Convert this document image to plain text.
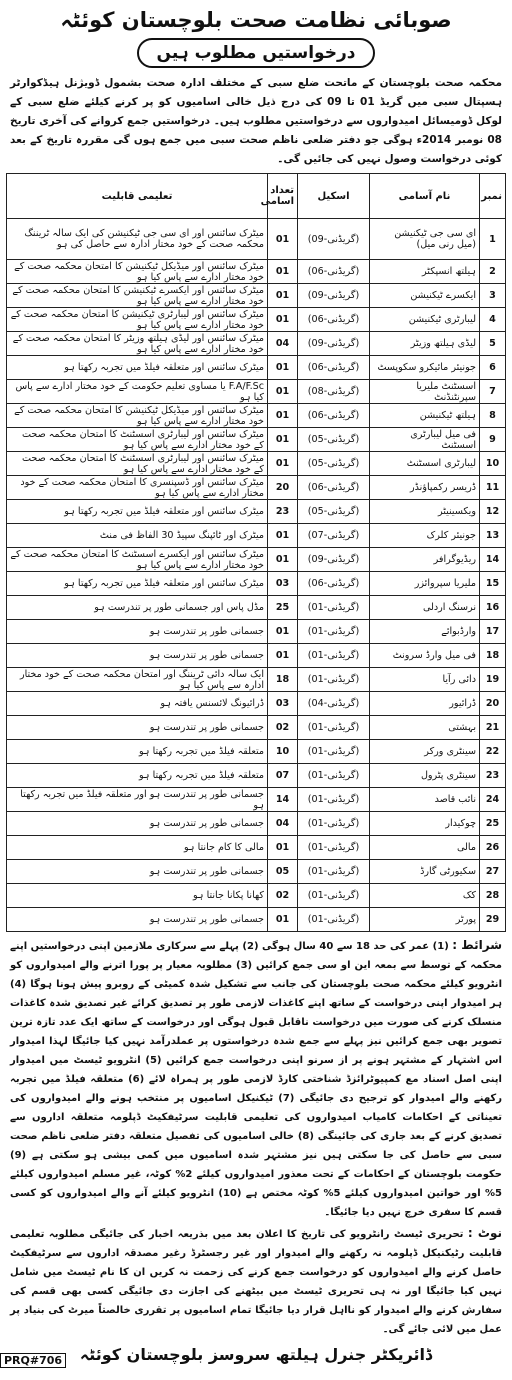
صوبائی نظامت صحت بلوچستان کوئٹہ
درخواستیں مطلوب ہیں
محکمہ صحت بلوچستان کے ماتحت ضلع سبی کے مختلف ادارہ صحت بشمول ڈویژنل ہیڈکوارٹر ہسپتال سبی میں گریڈ 01 تا 09 کی درج ذیل خالی اسامیوں کو پر کرنے کیلئے ضلع سبی کے لوکل ڈومیسائل امیدواروں سے درخواستیں مطلوب ہیں۔ درخواستیں جمع کروانے کی آخری تاریخ 08 نومبر 2014ء ہوگی جو دفتر ضلعی ناظم صحت سبی میں جمع ہوں گی مقررہ تاریخ کے بعد کوئی درخواست وصول نہیں کی جائیں گی۔
نمبر	نام آسامی	اسکیل	تعداد اسامی	تعلیمی قابلیت
1	ای سی جی ٹیکنیشن (میل رنی میل)	(گریڈنی-09)	01	میٹرک سائنس اور ای سی جی ٹیکنیشن کی ایک سالہ ٹریننگ محکمہ صحت کے خود مختار ادارہ سے حاصل کی ہو
2	ہیلتھ انسپکٹر	(گریڈنی-06)	01	میٹرک سائنس اور میڈیکل ٹیکنیشن کا امتحان محکمہ صحت کے خود مختار ادارے سے پاس کیا ہو
3	ایکسرے ٹیکنیشن	(گریڈنی-09)	01	میٹرک سائنس اور ایکسرے ٹیکنیشن کا امتحان محکمہ صحت کے خود مختار ادارے سے پاس کیا ہو
4	لیبارٹری ٹیکنیشن	(گریڈنی-06)	01	میٹرک سائنس اور لیبارٹری ٹیکنیشن کا امتحان محکمہ صحت کے خود مختار ادارے سے پاس کیا ہو
5	لیڈی ہیلتھ وزیٹر	(گریڈنی-09)	04	میٹرک سائنس اور لیڈی ہیلتھ وزیٹر کا امتحان محکمہ صحت کے خود مختار ادارے سے پاس کیا ہو
6	جونیئر مائیکرو سکوپسٹ	(گریڈنی-06)	01	میٹرک سائنس اور متعلقہ فیلڈ میں تجربہ رکھتا ہو
7	اسسٹنٹ ملیریا سپرنٹنڈنٹ	(گریڈنی-08)	01	F.A/F.Sc یا مساوی تعلیم حکومت کے خود مختار ادارے سے پاس کیا ہو
8	ہیلتھ ٹیکنیشن	(گریڈنی-06)	01	میٹرک سائنس اور میڈیکل ٹیکنیشن کا امتحان محکمہ صحت کے خود مختار ادارے سے پاس کیا ہو
9	فی میل لیبارٹری اسسٹنٹ	(گریڈنی-05)	01	میٹرک سائنس اور لیبارٹری اسسٹنٹ کا امتحان محکمہ صحت کے خود مختار ادارے سے پاس کیا ہو
10	لیبارٹری اسسٹنٹ	(گریڈنی-05)	01	میٹرک سائنس اور لیبارٹری اسسٹنٹ کا امتحان محکمہ صحت کے خود مختار ادارے سے پاس کیا ہو
11	ڈریسر رکمپاؤنڈر	(گریڈنی-06)	20	میٹرک سائنس اور ڈسپنسری کا امتحان محکمہ صحت کے خود مختار ادارے سے پاس کیا ہو
12	ویکسینیٹر	(گریڈنی-05)	23	میٹرک سائنس اور متعلقہ فیلڈ میں تجربہ رکھتا ہو
13	جونیئر کلرک	(گریڈنی-07)	01	میٹرک اور ٹائپنگ سپیڈ 30 الفاظ فی منٹ
14	ریڈیوگرافر	(گریڈنی-09)	01	میٹرک سائنس اور ایکسرے اسسٹنٹ کا امتحان محکمہ صحت کے خود مختار ادارے سے پاس کیا ہو
15	ملیریا سپروائزر	(گریڈنی-06)	03	میٹرک سائنس اور متعلقہ فیلڈ میں تجربہ رکھتا ہو
16	نرسنگ اردلی	(گریڈنی-01)	25	مڈل پاس اور جسمانی طور پر تندرست ہو
17	وارڈبوائے	(گریڈنی-01)	01	جسمانی طور پر تندرست ہو
18	فی میل وارڈ سرونٹ	(گریڈنی-01)	01	جسمانی طور پر تندرست ہو
19	دائی رآیا	(گریڈنی-01)	18	ایک سالہ دائی ٹریننگ اور امتحان محکمہ صحت کے خود مختار ادارہ سے پاس کیا ہو
20	ڈرائیور	(گریڈنی-04)	03	ڈرائیونگ لائسنس یافتہ ہو
21	بہشتی	(گریڈنی-01)	02	جسمانی طور پر تندرست ہو
22	سینٹری ورکر	(گریڈنی-01)	10	متعلقہ فیلڈ میں تجربہ رکھتا ہو
23	سینٹری پٹرول	(گریڈنی-01)	07	متعلقہ فیلڈ میں تجربہ رکھتا ہو
24	نائب قاصد	(گریڈنی-01)	14	جسمانی طور پر تندرست ہو اور متعلقہ فیلڈ میں تجربہ رکھتا ہو
25	چوکیدار	(گریڈنی-01)	04	جسمانی طور پر تندرست ہو
26	مالی	(گریڈنی-01)	01	مالی کا کام جانتا ہو
27	سکیورٹی گارڈ	(گریڈنی-01)	05	جسمانی طور پر تندرست ہو
28	کک	(گریڈنی-01)	02	کھانا پکانا جانتا ہو
29	پورٹر	(گریڈنی-01)	01	جسمانی طور پر تندرست ہو
شرائط : (1) عمر کی حد 18 سے 40 سال ہوگی (2) پہلے سے سرکاری ملازمین اپنی درخواستیں اپنے محکمہ کے توسط سے بمعہ این او سی جمع کرائیں (3) مطلوبہ معیار پر پورا اترنے والے امیدواروں کو انٹرویو کیلئے محکمہ صحت بلوچستان کی جانب سے تشکیل شدہ کمیٹی کے روبرو پیش ہونا ہوگا (4) ہر امیدوار اپنی درخواست کے ساتھ اپنے کاغذات لازمی طور پر تصدیق کرائے غیر تصدیق شدہ کاغذات منسلک کرنے کی صورت میں درخواست ناقابل قبول ہوگی اور درخواست کے ساتھ ایک عدد تازہ ترین تصویر بھی جمع کرائیں نیز پہلے سے جمع شدہ درخواستوں پر عملدرآمد نہیں کیا جائیگا لہذا امیدوار اس اشتہار کے مشتہر ہونے پر از سرنو اپنی درخواست جمع کرائیں (5) انٹرویو ٹیسٹ میں امیدوار اپنی اصل اسناد مع کمپیوٹرائزڈ شناختی کارڈ لازمی طور پر ہمراہ لائے (6) متعلقہ فیلڈ میں تجربہ رکھنے والے امیدوار کو ترجیح دی جائیگی (7) ٹیکنیکل اسامیوں پر منتخب ہونے والے امیدواروں کی تعیناتی کے احکامات کامیاب امیدواروں کی تعلیمی قابلیت سرٹیفکیٹ ڈپلومہ متعلقہ اداروں سے تصدیق کرنے کے بعد جاری کی جائینگی (8) خالی اسامیوں کی تفصیل متعلقہ دفتر ضلعی ناظم صحت سبی سے حاصل کی جا سکتی ہیں نیز مشتہر شدہ اسامیوں میں کمی بیشی ہو سکتی ہے (9) حکومت بلوچستان کے احکامات کے تحت معذور امیدواروں کیلئے 2% کوٹہ، غیر مسلم امیدواروں کیلئے 5% اور خواتین امیدواروں کیلئے 5% کوٹہ مختص ہے (10) انٹرویو کیلئے آنے والے امیدواروں کو کسی قسم کا سفری خرچ نہیں دیا جائیگا۔
نوٹ : تحریری ٹیسٹ رانٹرویو کی تاریخ کا اعلان بعد میں بذریعہ اخبار کی جائیگی مطلوبہ تعلیمی قابلیت رٹیکنیکل ڈپلومہ نہ رکھنے والے امیدوار اور غیر رجسٹرڈ رغیر مصدقہ اداروں سے سرٹیفکیٹ حاصل کرنے والے امیدواروں کو درخواست جمع کرنے کی زحمت نہ کریں ان کا نام ٹیسٹ میں شامل نہیں کیا جائیگا اور نہ ہی تحریری ٹیسٹ میں بیٹھنے کی اجازت دی جائیگی کسی بھی قسم کی سفارش کرنے والے امیدوار کو نااہل قرار دیا جائیگا تمام اسامیوں پر تقرری خالصتاً میرٹ کی بنیاد پر عمل میں لائی جائے گی۔
ڈائریکٹر جنرل ہیلتھ سروسز بلوچستان کوئٹہ
PRQ#706
